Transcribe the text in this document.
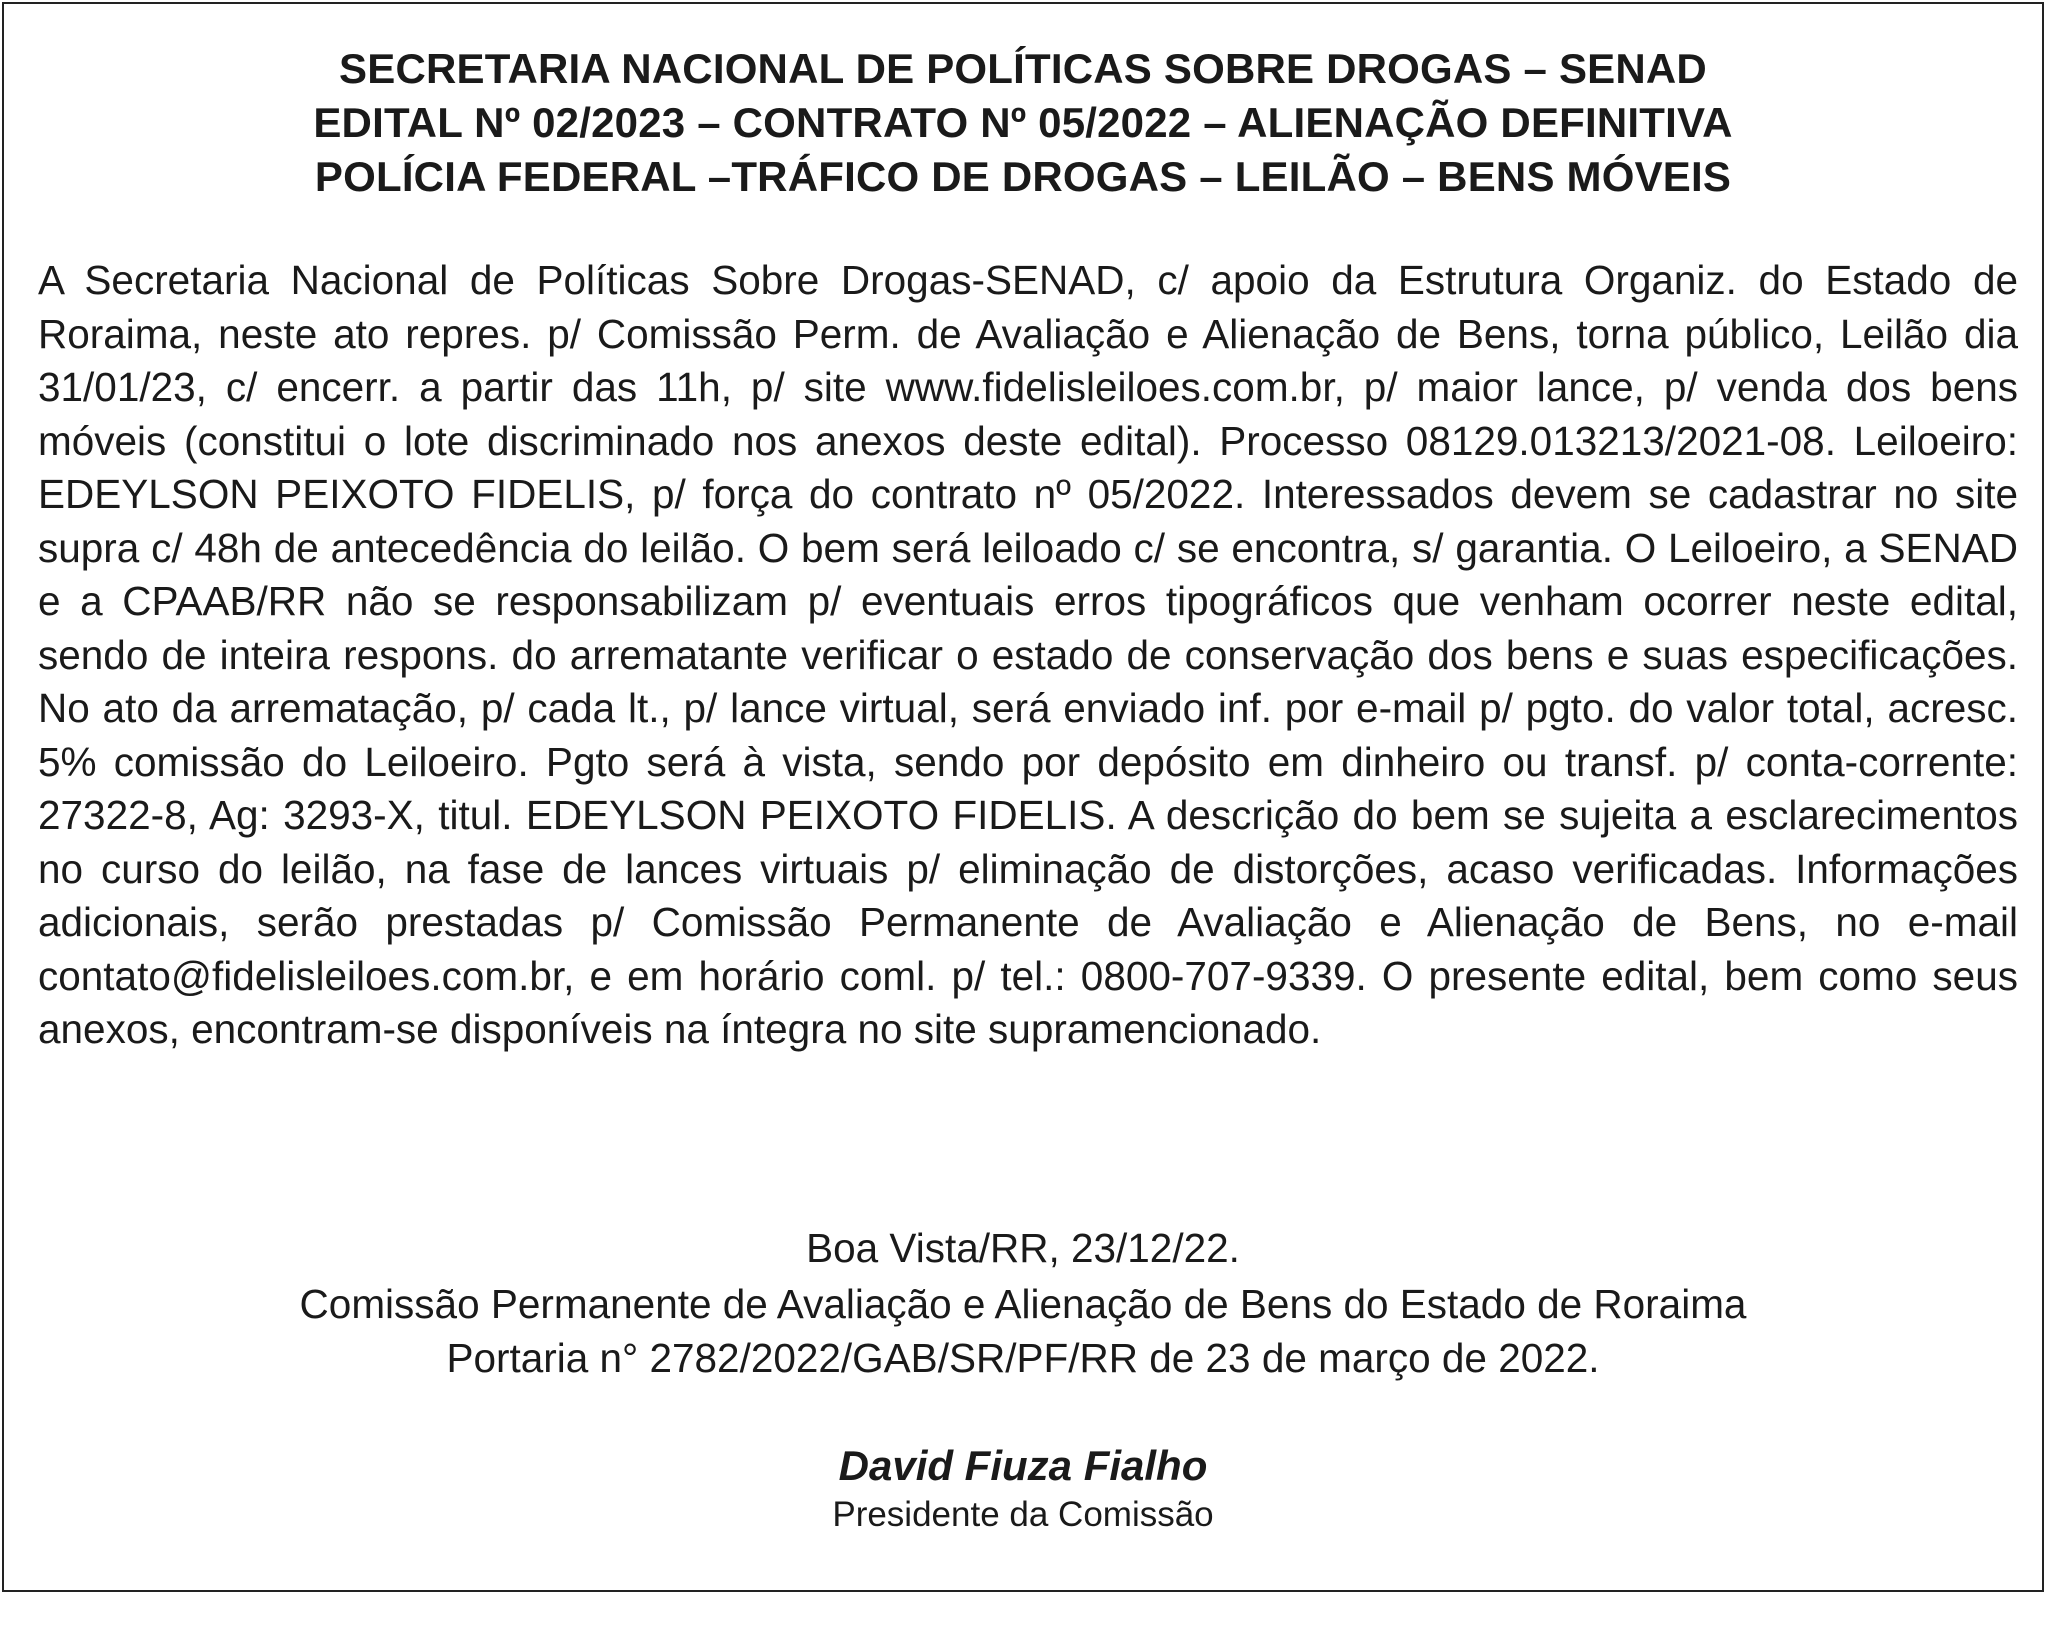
SECRETARIA NACIONAL DE POLÍTICAS SOBRE DROGAS – SENAD
EDITAL Nº 02/2023 – CONTRATO Nº 05/2022 – ALIENAÇÃO DEFINITIVA
POLÍCIA FEDERAL –TRÁFICO DE DROGAS – LEILÃO – BENS MÓVEIS
A Secretaria Nacional de Políticas Sobre Drogas-SENAD, c/ apoio da Estrutura Organiz. do Estado de Roraima, neste ato repres. p/ Comissão Perm. de Avaliação e Alienação de Bens, torna público, Leilão dia 31/01/23, c/ encerr. a partir das 11h, p/ site www.fidelisleiloes.com.br, p/ maior lance, p/ venda dos bens móveis (constitui o lote discriminado nos anexos deste edital). Processo 08129.013213/2021-08. Leiloeiro: EDEYLSON PEIXOTO FIDELIS, p/ força do contrato nº 05/2022. Interessados devem se cadastrar no site supra c/ 48h de antecedência do leilão. O bem será leiloado c/ se encontra, s/ garantia. O Leiloeiro, a SENAD e a CPAAB/RR não se responsabilizam p/ eventuais erros tipográficos que venham ocorrer neste edital, sendo de inteira respons. do arrematante verificar o estado de conservação dos bens e suas especificações. No ato da arrematação, p/ cada lt., p/ lance virtual, será enviado inf. por e-mail p/ pgto. do valor total, acresc. 5% comissão do Leiloeiro. Pgto será à vista, sendo por depósito em dinheiro ou transf. p/ conta-corrente: 27322-8, Ag: 3293-X, titul. EDEYLSON PEIXOTO FIDELIS. A descrição do bem se sujeita a esclarecimentos no curso do leilão, na fase de lances virtuais p/ eliminação de distorções, acaso verificadas. Informações adicionais, serão prestadas p/ Comissão Permanente de Avaliação e Alienação de Bens, no e-mail contato@fidelisleiloes.com.br, e em horário coml. p/ tel.: 0800-707-9339. O presente edital, bem como seus anexos, encontram-se disponíveis na íntegra no site supramencionado.
Boa Vista/RR, 23/12/22.
Comissão Permanente de Avaliação e Alienação de Bens do Estado de Roraima
Portaria n° 2782/2022/GAB/SR/PF/RR de 23 de março de 2022.
David Fiuza Fialho
Presidente da Comissão
